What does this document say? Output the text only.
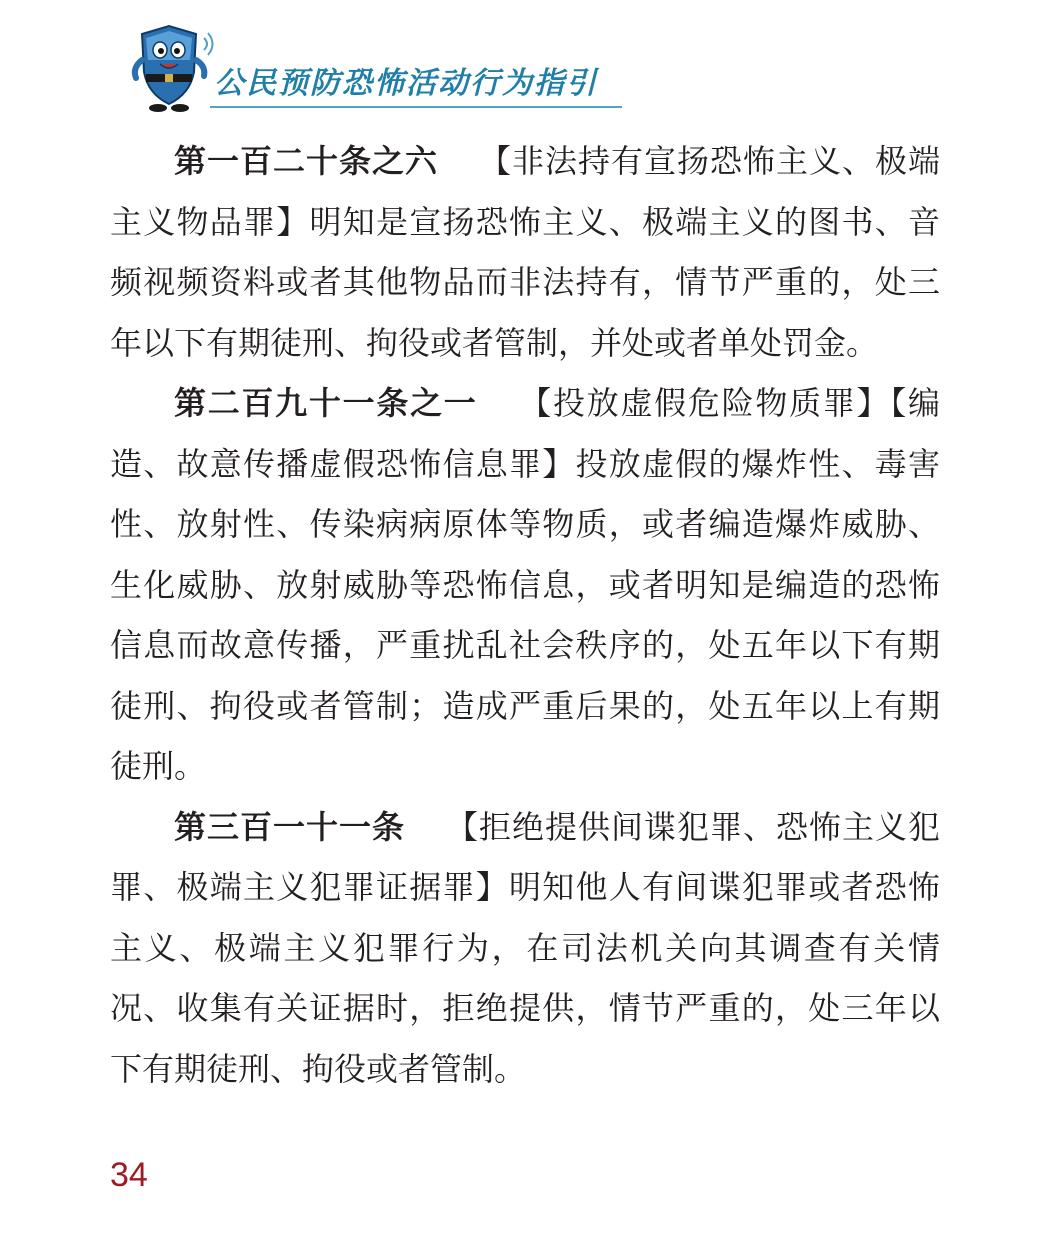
公民预防恐怖活动行为指引

第一百二十条之六 【非法持有宣扬恐怖主义、极端主义物品罪】明知是宣扬恐怖主义、极端主义的图书、音频视频资料或者其他物品而非法持有，情节严重的，处三年以下有期徒刑、拘役或者管制，并处或者单处罚金。

第二百九十一条之一 【投放虚假危险物质罪】【编造、故意传播虚假恐怖信息罪】投放虚假的爆炸性、毒害性、放射性、传染病病原体等物质，或者编造爆炸威胁、生化威胁、放射威胁等恐怖信息，或者明知是编造的恐怖信息而故意传播，严重扰乱社会秩序的，处五年以下有期徒刑、拘役或者管制；造成严重后果的，处五年以上有期徒刑。

第三百一十一条 【拒绝提供间谍犯罪、恐怖主义犯罪、极端主义犯罪证据罪】明知他人有间谍犯罪或者恐怖主义、极端主义犯罪行为，在司法机关向其调查有关情况、收集有关证据时，拒绝提供，情节严重的，处三年以下有期徒刑、拘役或者管制。

34
